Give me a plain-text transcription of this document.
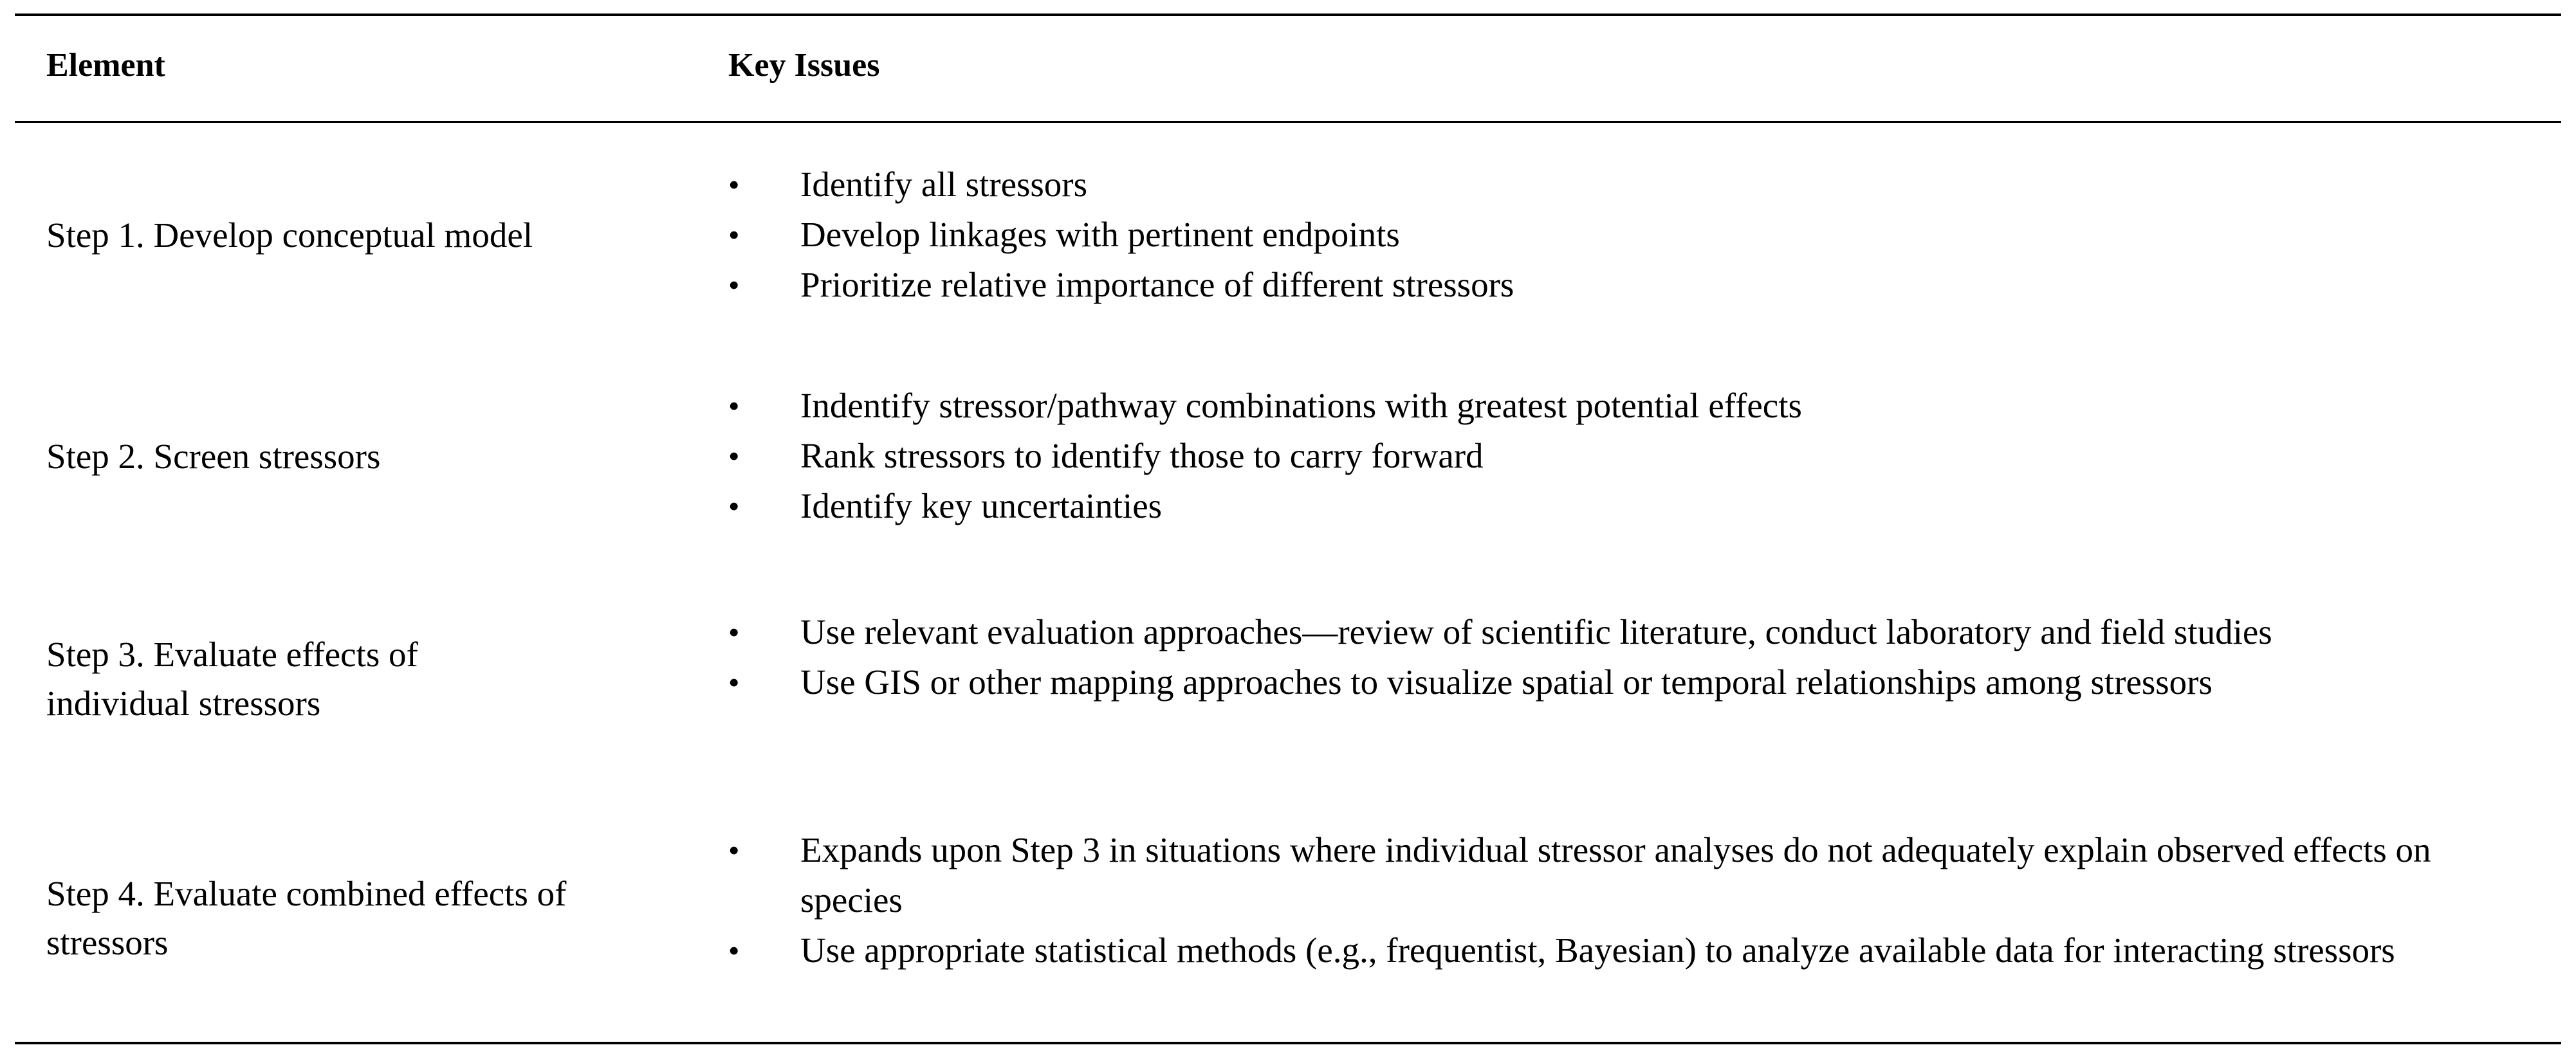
Element	Key Issues
Step 1. Develop conceptual model
•	Identify all stressors
•	Develop linkages with pertinent endpoints
•	Prioritize relative importance of different stressors
Step 2. Screen stressors
•	Indentify stressor/pathway combinations with greatest potential effects
•	Rank stressors to identify those to carry forward
•	Identify key uncertainties
Step 3. Evaluate effects of individual stressors
•	Use relevant evaluation approaches—review of scientific literature, conduct laboratory and field studies
•	Use GIS or other mapping approaches to visualize spatial or temporal relationships among stressors
Step 4. Evaluate combined effects of stressors
•	Expands upon Step 3 in situations where individual stressor analyses do not adequately explain observed effects on species
•	Use appropriate statistical methods (e.g., frequentist, Bayesian) to analyze available data for interacting stressors
